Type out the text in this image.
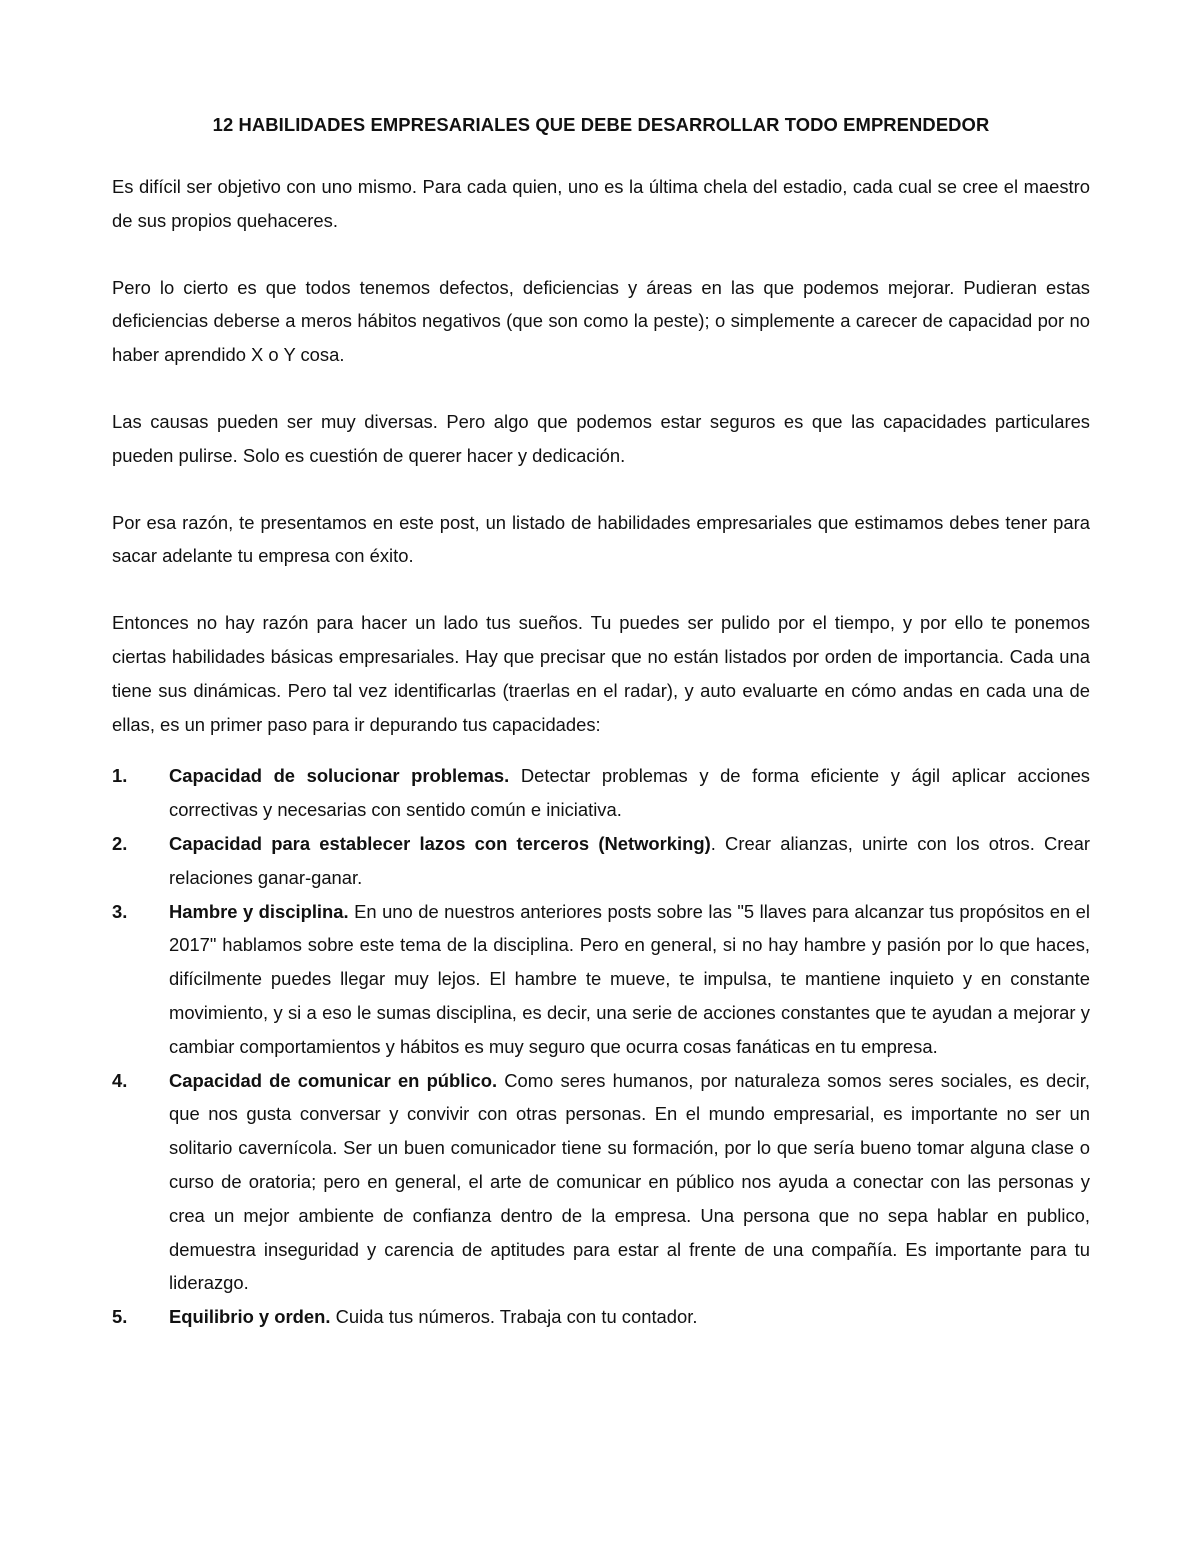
12 HABILIDADES EMPRESARIALES QUE DEBE DESARROLLAR TODO EMPRENDEDOR

Es difícil ser objetivo con uno mismo. Para cada quien, uno es la última chela del estadio, cada cual se cree el maestro de sus propios quehaceres.

Pero lo cierto es que todos tenemos defectos, deficiencias y áreas en las que podemos mejorar. Pudieran estas deficiencias deberse a meros hábitos negativos (que son como la peste); o simplemente a carecer de capacidad por no haber aprendido X o Y cosa.

Las causas pueden ser muy diversas. Pero algo que podemos estar seguros es que las capacidades particulares pueden pulirse. Solo es cuestión de querer hacer y dedicación.

Por esa razón, te presentamos en este post, un listado de habilidades empresariales que estimamos debes tener para sacar adelante tu empresa con éxito.

Entonces no hay razón para hacer un lado tus sueños. Tu puedes ser pulido por el tiempo, y por ello te ponemos ciertas habilidades básicas empresariales. Hay que precisar que no están listados por orden de importancia. Cada una tiene sus dinámicas. Pero tal vez identificarlas (traerlas en el radar), y auto evaluarte en cómo andas en cada una de ellas, es un primer paso para ir depurando tus capacidades:

1. Capacidad de solucionar problemas. Detectar problemas y de forma eficiente y ágil aplicar acciones correctivas y necesarias con sentido común e iniciativa.
2. Capacidad para establecer lazos con terceros (Networking). Crear alianzas, unirte con los otros. Crear relaciones ganar-ganar.
3. Hambre y disciplina. En uno de nuestros anteriores posts sobre las "5 llaves para alcanzar tus propósitos en el 2017" hablamos sobre este tema de la disciplina. Pero en general, si no hay hambre y pasión por lo que haces, difícilmente puedes llegar muy lejos. El hambre te mueve, te impulsa, te mantiene inquieto y en constante movimiento, y si a eso le sumas disciplina, es decir, una serie de acciones constantes que te ayudan a mejorar y cambiar comportamientos y hábitos es muy seguro que ocurra cosas fanáticas en tu empresa.
4. Capacidad de comunicar en público. Como seres humanos, por naturaleza somos seres sociales, es decir, que nos gusta conversar y convivir con otras personas. En el mundo empresarial, es importante no ser un solitario cavernícola. Ser un buen comunicador tiene su formación, por lo que sería bueno tomar alguna clase o curso de oratoria; pero en general, el arte de comunicar en público nos ayuda a conectar con las personas y crea un mejor ambiente de confianza dentro de la empresa. Una persona que no sepa hablar en publico, demuestra inseguridad y carencia de aptitudes para estar al frente de una compañía. Es importante para tu liderazgo.
5. Equilibrio y orden. Cuida tus números. Trabaja con tu contador.
